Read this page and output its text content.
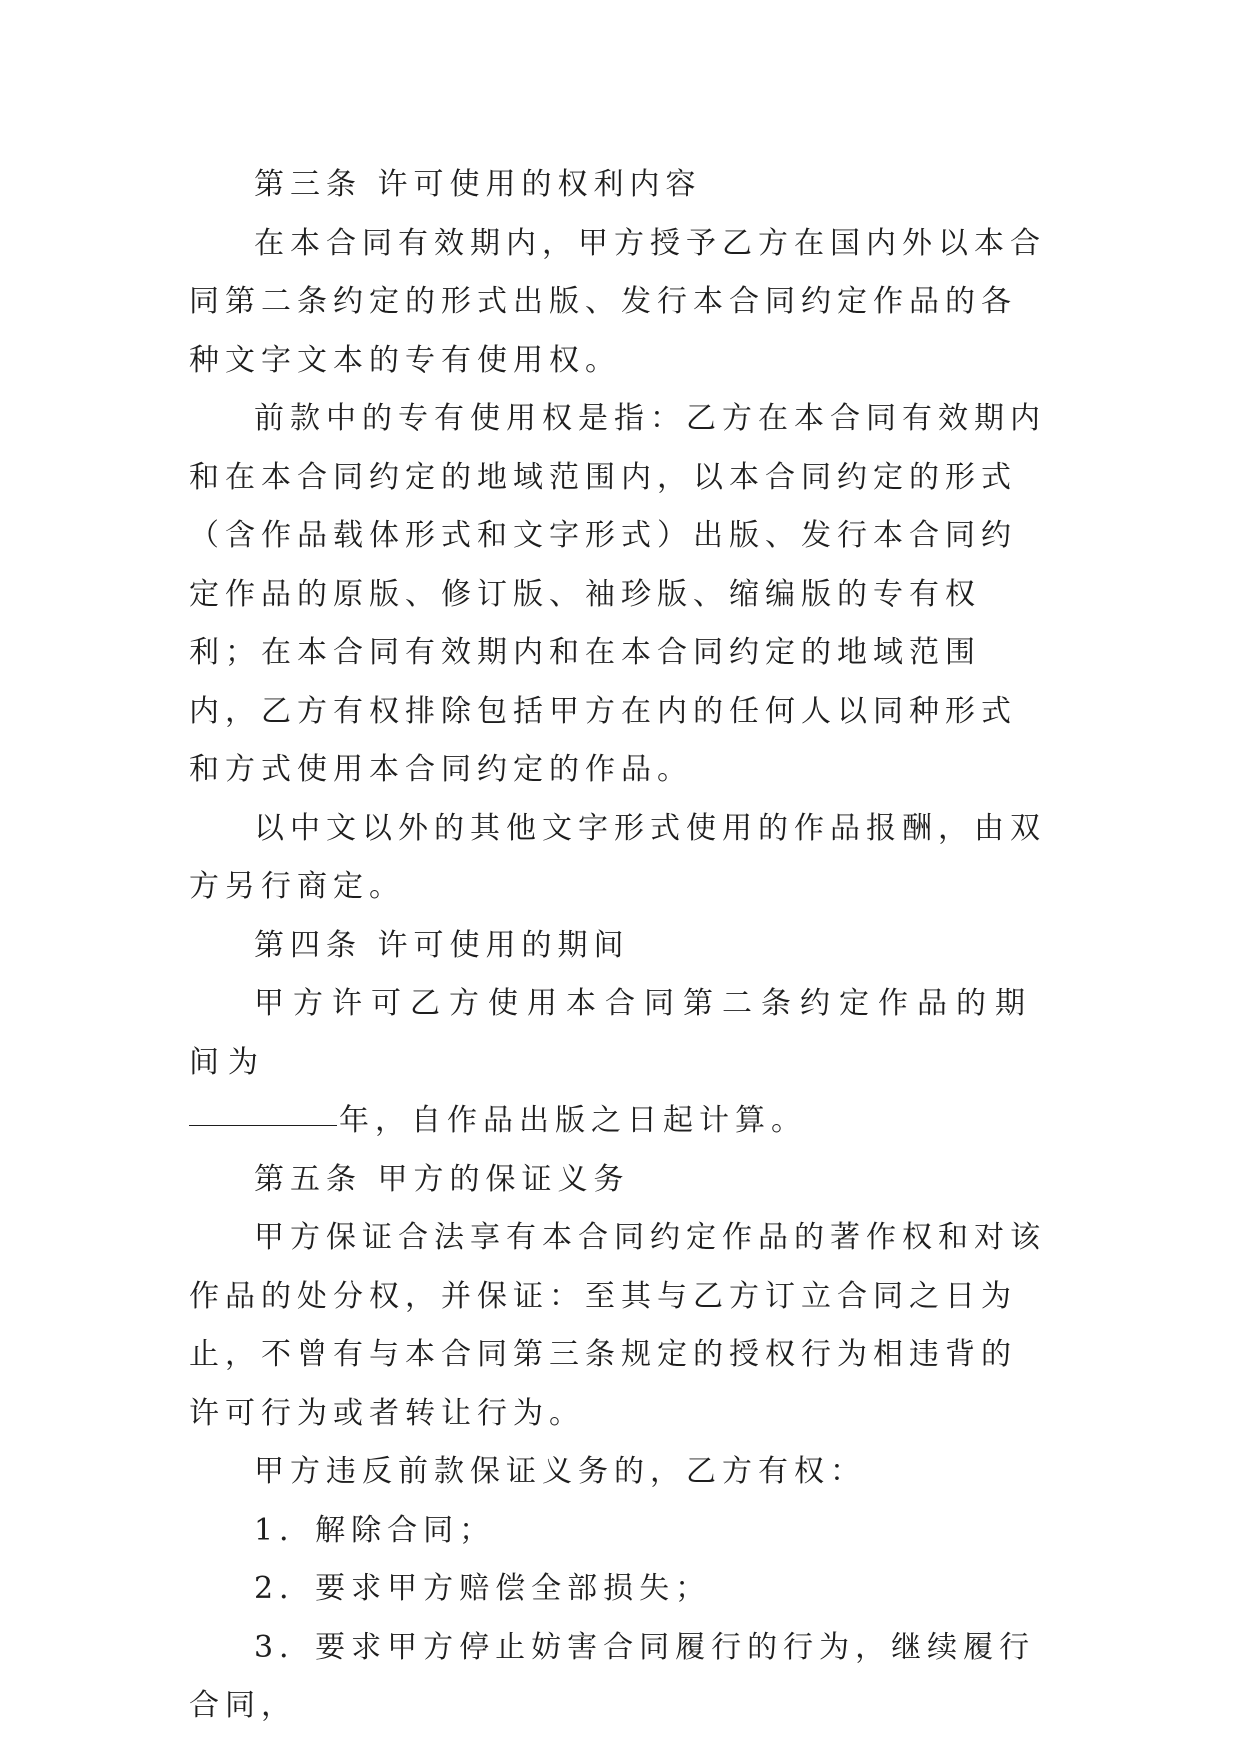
第三条 许可使用的权利内容

在本合同有效期内，甲方授予乙方在国内外以本合同第二条约定的形式出版、发行本合同约定作品的各种文字文本的专有使用权。

前款中的专有使用权是指：乙方在本合同有效期内和在本合同约定的地域范围内，以本合同约定的形式（含作品载体形式和文字形式）出版、发行本合同约定作品的原版、修订版、袖珍版、缩编版的专有权利；在本合同有效期内和在本合同约定的地域范围内，乙方有权排除包括甲方在内的任何人以同种形式和方式使用本合同约定的作品。

以中文以外的其他文字形式使用的作品报酬，由双方另行商定。

第四条 许可使用的期间

甲方许可乙方使用本合同第二条约定作品的期间为

年，自作品出版之日起计算。

第五条 甲方的保证义务

甲方保证合法享有本合同约定作品的著作权和对该作品的处分权，并保证：至其与乙方订立合同之日为止，不曾有与本合同第三条规定的授权行为相违背的许可行为或者转让行为。

甲方违反前款保证义务的，乙方有权：

1．解除合同；

2．要求甲方赔偿全部损失；

3．要求甲方停止妨害合同履行的行为，继续履行合同，
